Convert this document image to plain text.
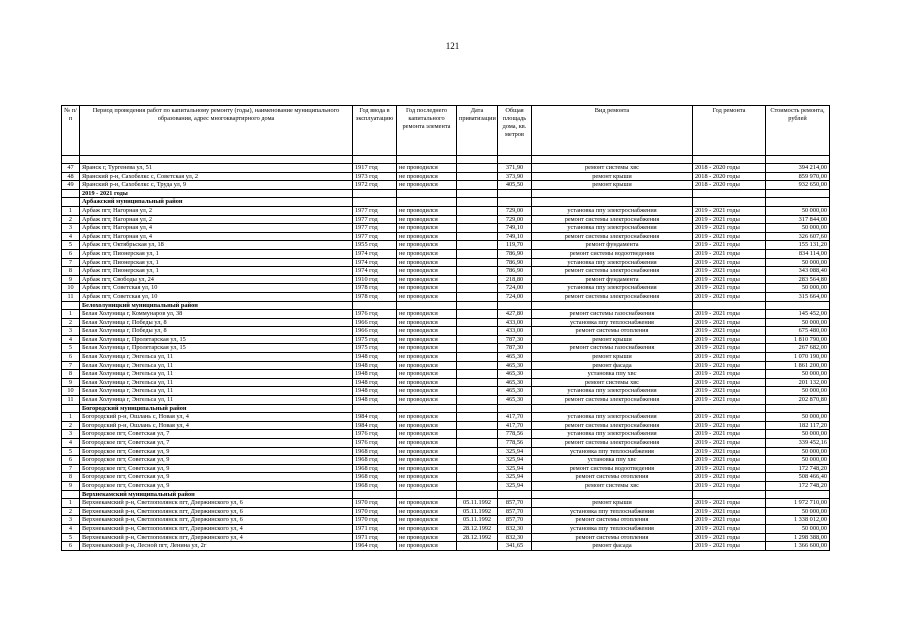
121
№ п/п	Период проведения работ по капитальному ремонту (годы), наименование муниципального образования, адрес многоквартирного дома	Год ввода в эксплуатацию	Год последнего капитального ремонта элемента	Дата приватизации	Общая площадь дома, кв. метров	Вид ремонта	Год ремонта	Стоимость ремонта, рублей

47	Яранск г, Тургенева ул, 51	1917 год	не проводился		371,90	ремонт системы хвс	2018 - 2020 годы	394 214,00
48	Яранский р-н, Сахобелкс с, Советская ул, 2	1973 год	не проводился		373,90	ремонт крыши	2018 - 2020 годы	859 970,00
49	Яранский р-н, Сахобелкс с, Труда ул, 9	1972 год	не проводился		405,50	ремонт крыши	2018 - 2020 годы	932 650,00
	2019 - 2021 годы							
	Арбажский муниципальный район							
1	Арбаж пгт, Нагорная ул, 2	1977 год	не проводился		729,00	установка ппу электроснабжения	2019 - 2021 годы	50 000,00
2	Арбаж пгт, Нагорная ул, 2	1977 год	не проводился		729,00	ремонт системы электроснабжения	2019 - 2021 годы	317 844,00
3	Арбаж пгт, Нагорная ул, 4	1977 год	не проводился		749,10	установка ппу электроснабжения	2019 - 2021 годы	50 000,00
4	Арбаж пгт, Нагорная ул, 4	1977 год	не проводился		749,10	ремонт системы электроснабжения	2019 - 2021 годы	326 607,60
5	Арбаж пгт, Октябрьская ул, 18	1955 год	не проводился		119,70	ремонт фундамента	2019 - 2021 годы	155 131,20
6	Арбаж пгт, Пионерская ул, 1	1974 год	не проводился		786,90	ремонт системы водоотведения	2019 - 2021 годы	834 114,00
7	Арбаж пгт, Пионерская ул, 1	1974 год	не проводился		786,90	установка ппу электроснабжения	2019 - 2021 годы	50 000,00
8	Арбаж пгт, Пионерская ул, 1	1974 год	не проводился		786,90	ремонт системы электроснабжения	2019 - 2021 годы	343 088,40
9	Арбаж пгт, Свободы ул, 24	1910 год	не проводился		218,80	ремонт фундамента	2019 - 2021 годы	283 564,80
10	Арбаж пгт, Советская ул, 10	1978 год	не проводился		724,00	установка ппу электроснабжения	2019 - 2021 годы	50 000,00
11	Арбаж пгт, Советская ул, 10	1978 год	не проводился		724,00	ремонт системы электроснабжения	2019 - 2021 годы	315 664,00
	Белохолуницкий муниципальный район							
1	Белая Холуница г, Коммунаров ул, 38	1976 год	не проводился		427,80	ремонт системы газоснабжения	2019 - 2021 годы	145 452,00
2	Белая Холуница г, Победы ул, 8	1966 год	не проводился		433,00	установка ппу теплоснабжения	2019 - 2021 годы	50 000,00
3	Белая Холуница г, Победы ул, 8	1966 год	не проводился		433,00	ремонт системы отопления	2019 - 2021 годы	675 480,00
4	Белая Холуница г, Пролетарская ул, 15	1975 год	не проводился		787,30	ремонт крыши	2019 - 2021 годы	1 810 790,00
5	Белая Холуница г, Пролетарская ул, 15	1975 год	не проводился		787,30	ремонт системы газоснабжения	2019 - 2021 годы	267 682,00
6	Белая Холуница г, Энгельса ул, 11	1948 год	не проводился		465,30	ремонт крыши	2019 - 2021 годы	1 070 190,00
7	Белая Холуница г, Энгельса ул, 11	1948 год	не проводился		465,30	ремонт фасада	2019 - 2021 годы	1 861 200,00
8	Белая Холуница г, Энгельса ул, 11	1948 год	не проводился		465,30	установка ппу хвс	2019 - 2021 годы	50 000,00
9	Белая Холуница г, Энгельса ул, 11	1948 год	не проводился		465,30	ремонт системы хвс	2019 - 2021 годы	201 132,00
10	Белая Холуница г, Энгельса ул, 11	1948 год	не проводился		465,30	установка ппу электроснабжения	2019 - 2021 годы	50 000,00
11	Белая Холуница г, Энгельса ул, 11	1948 год	не проводился		465,30	ремонт системы электроснабжения	2019 - 2021 годы	202 870,80
	Богородский муниципальный район							
1	Богородский р-н, Ошлань с, Новая ул, 4	1984 год	не проводился		417,70	установка ппу электроснабжения	2019 - 2021 годы	50 000,00
2	Богородский р-н, Ошлань с, Новая ул, 4	1984 год	не проводился		417,70	ремонт системы электроснабжения	2019 - 2021 годы	182 117,20
3	Богородское пгт, Советская ул, 7	1976 год	не проводился		778,56	установка ппу электроснабжения	2019 - 2021 годы	50 000,00
4	Богородское пгт, Советская ул, 7	1976 год	не проводился		778,56	ремонт системы электроснабжения	2019 - 2021 годы	339 452,16
5	Богородское пгт, Советская ул, 9	1968 год	не проводился		325,94	установка ппу теплоснабжения	2019 - 2021 годы	50 000,00
6	Богородское пгт, Советская ул, 9	1968 год	не проводился		325,94	установка ппу хвс	2019 - 2021 годы	50 000,00
7	Богородское пгт, Советская ул, 9	1968 год	не проводился		325,94	ремонт системы водоотведения	2019 - 2021 годы	172 748,20
8	Богородское пгт, Советская ул, 9	1968 год	не проводился		325,94	ремонт системы отопления	2019 - 2021 годы	508 466,40
9	Богородское пгт, Советская ул, 9	1968 год	не проводился		325,94	ремонт системы хвс	2019 - 2021 годы	172 748,20
	Верхнекамский муниципальный район							
1	Верхнекамский р-н, Светлополянск пгт, Дзержинского ул, 6	1970 год	не проводился	05.11.1992	857,70	ремонт крыши	2019 - 2021 годы	1 972 710,00
2	Верхнекамский р-н, Светлополянск пгт, Дзержинского ул, 6	1970 год	не проводился	05.11.1992	857,70	установка ппу теплоснабжения	2019 - 2021 годы	50 000,00
3	Верхнекамский р-н, Светлополянск пгт, Дзержинского ул, 6	1970 год	не проводился	05.11.1992	857,70	ремонт системы отопления	2019 - 2021 годы	1 338 012,00
4	Верхнекамский р-н, Светлополянск пгт, Дзержинского ул, 4	1971 год	не проводился	28.12.1992	832,30	установка ппу теплоснабжения	2019 - 2021 годы	50 000,00
5	Верхнекамский р-н, Светлополянск пгт, Дзержинского ул, 4	1971 год	не проводился	28.12.1992	832,30	ремонт системы отопления	2019 - 2021 годы	1 298 388,00
6	Верхнекамский р-н, Лесной пгт, Ленина ул, 2г	1964 год	не проводился		341,65	ремонт фасада	2019 - 2021 годы	1 366 600,00
